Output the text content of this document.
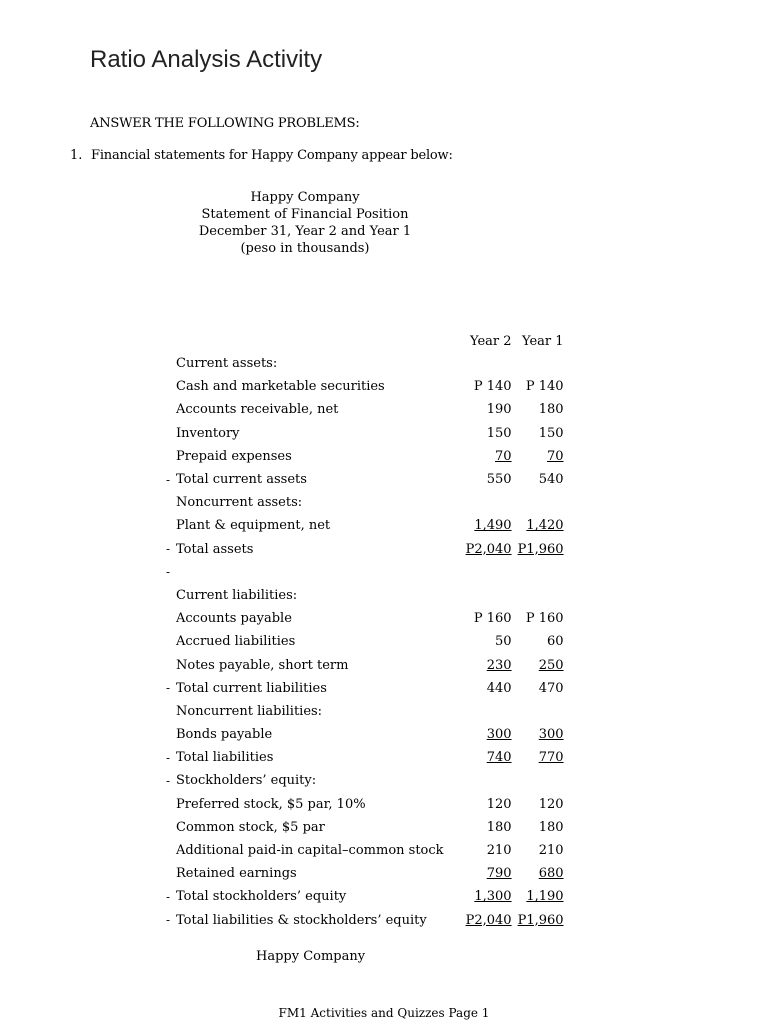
Ratio Analysis Activity
ANSWER THE FOLLOWING PROBLEMS:
1. Financial statements for Happy Company appear below:
Happy Company
Statement of Financial Position
December 31, Year 2 and Year 1
(peso in thousands)
		Year 2	Year 1
	Current assets:		
	Cash and marketable securities	P 140	P 140
	Accounts receivable, net	190	180
	Inventory	150	150
	Prepaid expenses	70	70
-	Total current assets	550	540
	Noncurrent assets:		
	Plant & equipment, net	1,490	1,420
-	Total assets	P2,040	P1,960
-			
	Current liabilities:		
	Accounts payable	P 160	P 160
	Accrued liabilities	50	60
	Notes payable, short term	230	250
-	Total current liabilities	440	470
	Noncurrent liabilities:		
	Bonds payable	300	300
-	Total liabilities	740	770
-	Stockholders’ equity:		
	Preferred stock, $5 par, 10%	120	120
	Common stock, $5 par	180	180
	Additional paid-in capital–common stock	210	210
	Retained earnings	790	680
-	Total stockholders’ equity	1,300	1,190
-	Total liabilities & stockholders’ equity	P2,040	P1,960
Happy Company
FM1 Activities and Quizzes Page 1
